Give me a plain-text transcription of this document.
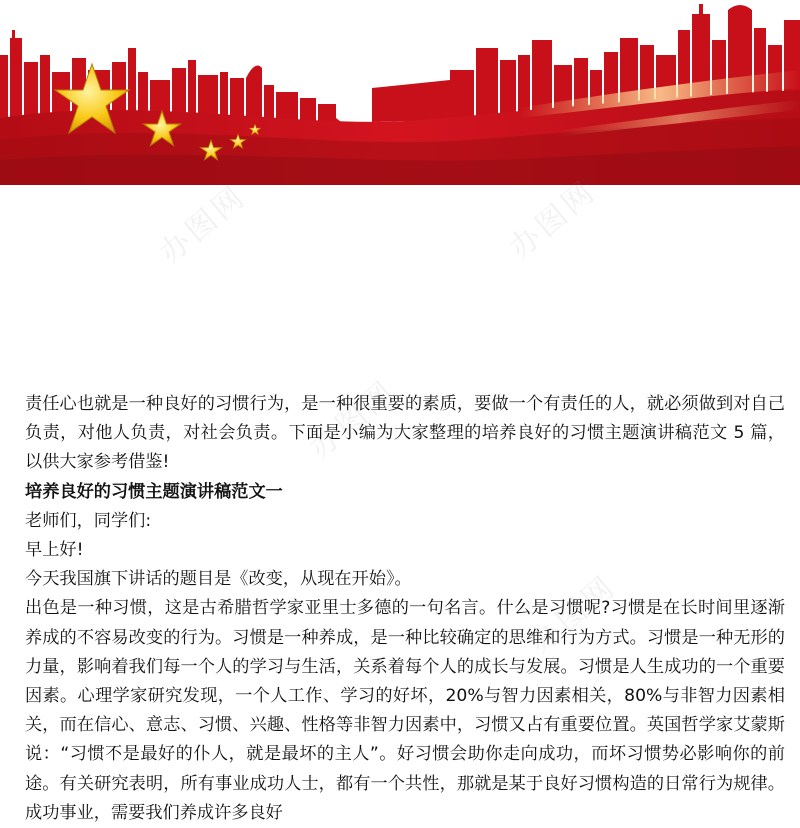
办图网	办图网
办图网
办图网

责任心也就是一种良好的习惯行为，是一种很重要的素质，要做一个有责任的人，就必须做到对自己负责，对他人负责，对社会负责。下面是小编为大家整理的培养良好的习惯主题演讲稿范文 5 篇，以供大家参考借鉴!

培养良好的习惯主题演讲稿范文一

老师们，同学们:

早上好!

今天我国旗下讲话的题目是《改变，从现在开始》。

出色是一种习惯，这是古希腊哲学家亚里士多德的一句名言。什么是习惯呢?习惯是在长时间里逐渐养成的不容易改变的行为。习惯是一种养成，是一种比较确定的思维和行为方式。习惯是一种无形的力量，影响着我们每一个人的学习与生活，关系着每个人的成长与发展。习惯是人生成功的一个重要因素。心理学家研究发现，一个人工作、学习的好坏，20%与智力因素相关，80%与非智力因素相关，而在信心、意志、习惯、兴趣、性格等非智力因素中，习惯又占有重要位置。英国哲学家艾蒙斯说：“习惯不是最好的仆人，就是最坏的主人”。好习惯会助你走向成功，而坏习惯势必影响你的前途。有关研究表明，所有事业成功人士，都有一个共性，那就是某于良好习惯构造的日常行为规律。成功事业，需要我们养成许多良好
